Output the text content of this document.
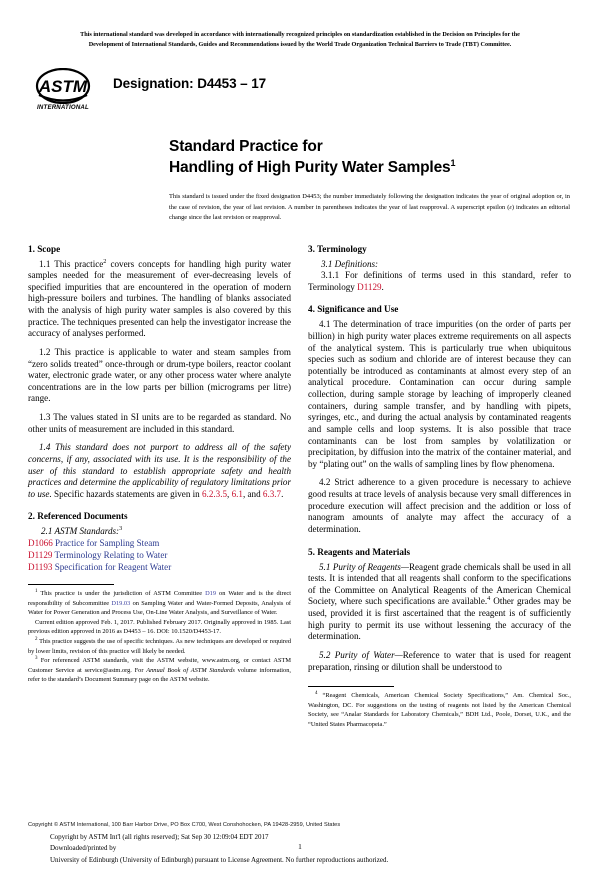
This international standard was developed in accordance with internationally recognized principles on standardization established in the Decision on Principles for the
Development of International Standards, Guides and Recommendations issued by the World Trade Organization Technical Barriers to Trade (TBT) Committee.
ASTM
INTERNATIONAL
Designation: D4453 – 17
Standard Practice for
Handling of High Purity Water Samples$^1$
This standard is issued under the fixed designation D4453; the number immediately following the designation indicates the year of original adoption or, in the case of revision, the year of last revision. A number in parentheses indicates the year of last reapproval. A superscript epsilon (ε) indicates an editorial change since the last revision or reapproval.
1. Scope

1.1 This practice$^2$ covers concepts for handling high purity water samples needed for the measurement of ever-decreasing levels of specified impurities that are encountered in the operation of modern high-pressure boilers and turbines. The handling of blanks associated with the analysis of high purity water samples is also covered by this practice. The techniques presented can help the investigator increase the accuracy of analyses performed.

1.2 This practice is applicable to water and steam samples from “zero solids treated” once-through or drum-type boilers, reactor coolant water, electronic grade water, or any other process water where analyte concentrations are in the low parts per billion (micrograms per litre) range.

1.3 The values stated in SI units are to be regarded as standard. No other units of measurement are included in this standard.

1.4 This standard does not purport to address all of the safety concerns, if any, associated with its use. It is the responsibility of the user of this standard to establish appropriate safety and health practices and determine the applicability of regulatory limitations prior to use. Specific hazards statements are given in 6.2.3.5, 6.1, and 6.3.7.

2. Referenced Documents

2.1 ASTM Standards:$^3$

D1066 Practice for Sampling Steam
D1129 Terminology Relating to Water
D1193 Specification for Reagent Water

$^1$ This practice is under the jurisdiction of ASTM Committee D19 on Water and is the direct responsibility of Subcommittee D19.03 on Sampling Water and Water-Formed Deposits, Analysis of Water for Power Generation and Process Use, On-Line Water Analysis, and Surveillance of Water.

Current edition approved Feb. 1, 2017. Published February 2017. Originally approved in 1985. Last previous edition approved in 2016 as D4453 – 16. DOI: 10.1520/D4453-17.

$^2$ This practice suggests the use of specific techniques. As new techniques are developed or required by lower limits, revision of this practice will likely be needed.

$^3$ For referenced ASTM standards, visit the ASTM website, www.astm.org, or contact ASTM Customer Service at service@astm.org. For Annual Book of ASTM Standards volume information, refer to the standard’s Document Summary page on the ASTM website.

3. Terminology

3.1 Definitions:

3.1.1 For definitions of terms used in this standard, refer to Terminology D1129.

4. Significance and Use

4.1 The determination of trace impurities (on the order of parts per billion) in high purity water places extreme requirements on all aspects of the analytical system. This is particularly true when ubiquitous species such as sodium and chloride are of interest because they can potentially be introduced as contaminants at almost every step of an analytical procedure. Contamination can occur during sample collection, during sample storage by leaching of improperly cleaned containers, during sample transfer, and by handling with pipets, syringes, etc., and during the actual analysis by contaminated reagents and sample cells and loop systems. It is also possible that trace contaminants can be lost from samples by volatilization or precipitation, by diffusion into the matrix of the container material, and by “plating out” on the walls of sampling lines by flow phenomena.

4.2 Strict adherence to a given procedure is necessary to achieve good results at trace levels of analysis because very small differences in procedure execution will affect precision and the addition or loss of nanogram amounts of analyte may affect the accuracy of a determination.

5. Reagents and Materials

5.1 Purity of Reagents—Reagent grade chemicals shall be used in all tests. It is intended that all reagents shall conform to the specifications of the Committee on Analytical Reagents of the American Chemical Society, where such specifications are available.$^4$ Other grades may be used, provided it is first ascertained that the reagent is of sufficiently high purity to permit its use without lessening the accuracy of the determination.

5.2 Purity of Water—Reference to water that is used for reagent preparation, rinsing or dilution shall be understood to

$^4$ “Reagent Chemicals, American Chemical Society Specifications,” Am. Chemical Soc., Washington, DC. For suggestions on the testing of reagents not listed by the American Chemical Society, see “Analar Standards for Laboratory Chemicals,” BDH Ltd., Poole, Dorset, U.K., and the “United States Pharmacopeia.”

Copyright © ASTM International, 100 Barr Harbor Drive, PO Box C700, West Conshohocken, PA 19428-2959, United States
Copyright by ASTM Int'l (all rights reserved); Sat Sep 30 12:09:04 EDT 2017
Downloaded/printed by
University of Edinburgh (University of Edinburgh) pursuant to License Agreement. No further reproductions authorized.
1
